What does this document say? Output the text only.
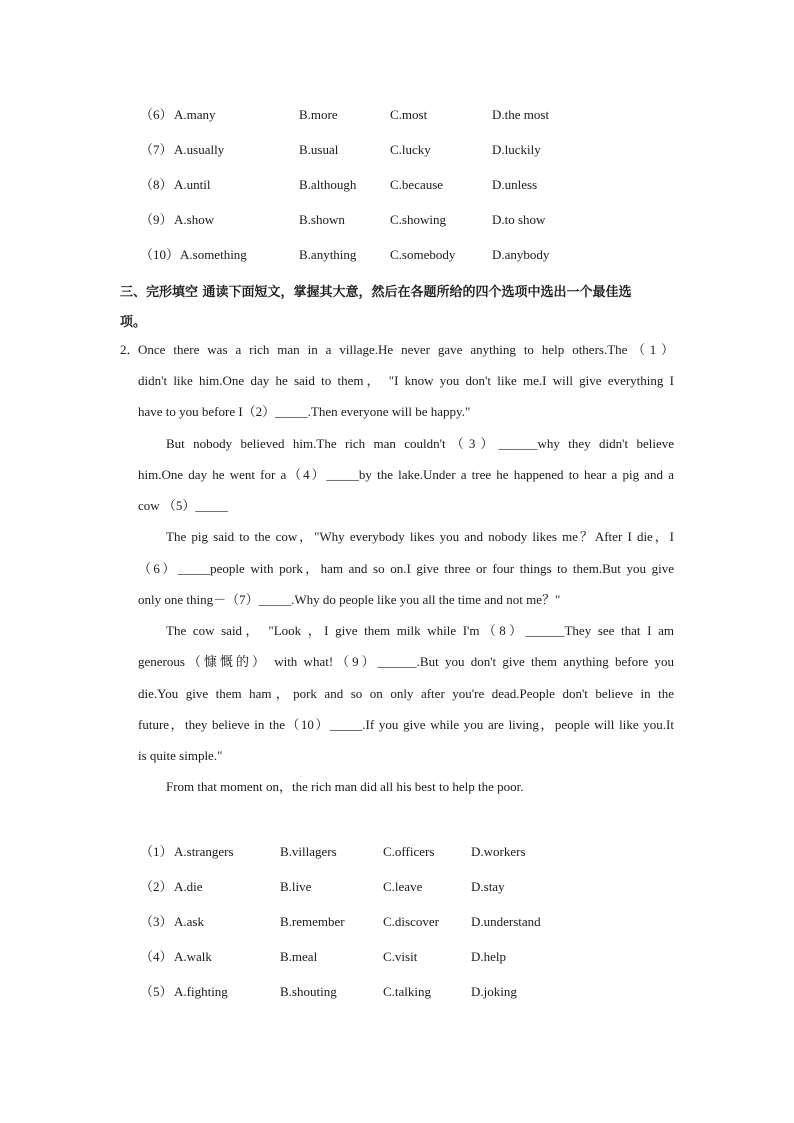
（6） A.many	B.more	C.most	D.the most
（7） A.usually	B.usual	C.lucky	D.luckily
（8） A.until	B.although	C.because	D.unless
（9） A.show	B.shown	C.showing	D.to show
（10） A.something	B.anything	C.somebody	D.anybody
三、完形填空 通读下面短文，掌握其大意，然后在各题所给的四个选项中选出一个最佳选
项。
2．
Once there was a rich man in a village.He never gave anything to help others.The（1）
didn't like him.One day he said to them， "I know you don't like me.I will give everything I
have to you before I（2）_____.Then everyone will be happy."
But nobody believed him.The rich man couldn't（3）______why they didn't believe
him.One day he went for a（4）_____by the lake.Under a tree he happened to hear a pig and a
cow （5）_____
The pig said to the cow，"Why everybody likes you and nobody likes me？After I die，I
（6）_____people with pork，ham and so on.I give three or four things to them.But you give
only one thing－（7）_____.Why do people like you all the time and not me？"
The cow said， "Look ，I give them milk while I'm（8）______They see that I am
generous（慷慨的） with what!（9）______.But you don't give them anything before you
die.You give them ham，pork and so on only after you're dead.People don't believe in the
future，they believe in the（10）_____.If you give while you are living，people will like you.It
is quite simple."
From that moment on，the rich man did all his best to help the poor.
（1） A.strangers	B.villagers	C.officers	D.workers
（2） A.die	B.live	C.leave	D.stay
（3） A.ask	B.remember	C.discover D.understand
（4） A.walk	B.meal	C.visit	D.help
（5） A.fighting	B.shouting	C.talking	D.joking
